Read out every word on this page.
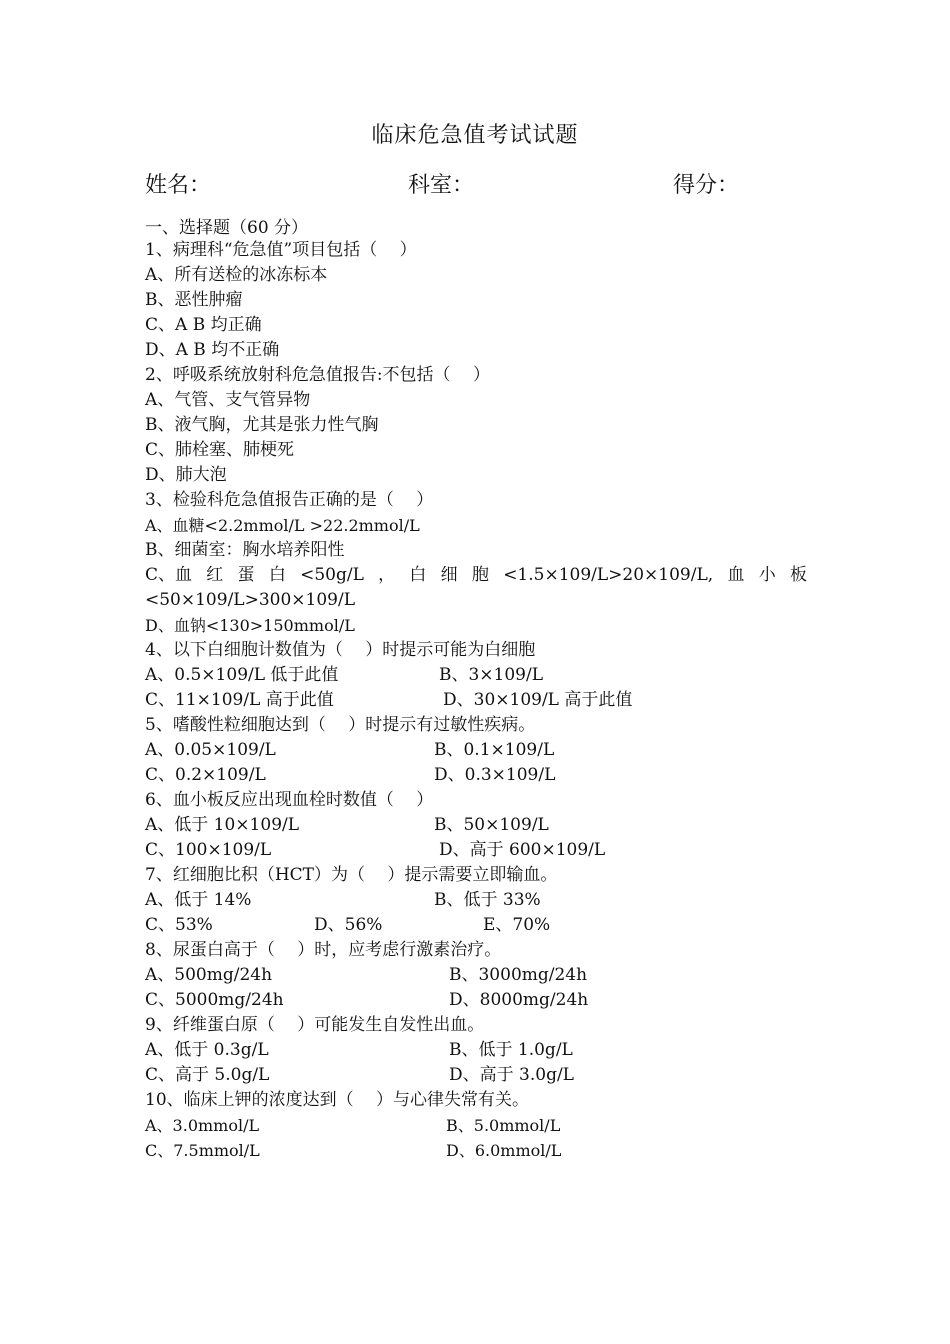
临床危急值考试试题
姓名：	科室：	得分：
一、选择题（60 分）
1、病理科“危急值”项目包括（　 ）
A、所有送检的冰冻标本
B、恶性肿瘤
C、A B 均正确
D、A B 均不正确
2、呼吸系统放射科危急值报告:不包括（　 ）
A、气管、支气管异物
B、液气胸，尤其是张力性气胸
C、肺栓塞、肺梗死
D、肺大泡
3、检验科危急值报告正确的是（　 ）
A、血糖<2.2mmol/L >22.2mmol/L
B、细菌室：胸水培养阳性
C、血 红 蛋 白 <50g/L ， 白 细 胞 <1.5×109/L>20×109/L, 血 小 板
<50×109/L>300×109/L
D、血钠<130>150mmol/L
4、以下白细胞计数值为（　 ）时提示可能为白细胞
A、0.5×109/L 低于此值	B、3×109/L
C、11×109/L 高于此值	D、30×109/L 高于此值
5、嗜酸性粒细胞达到（　 ）时提示有过敏性疾病。
A、0.05×109/L	B、0.1×109/L
C、0.2×109/L	D、0.3×109/L
6、血小板反应出现血栓时数值（　 ）
A、低于 10×109/L	B、50×109/L
C、100×109/L	D、高于 600×109/L
7、红细胞比积（HCT）为（　 ）提示需要立即输血。
A、低于 14%	B、低于 33%
C、53%	D、56%	E、70%
8、尿蛋白高于（　 ）时，应考虑行激素治疗。
A、500mg/24h	B、3000mg/24h
C、5000mg/24h	D、8000mg/24h
9、纤维蛋白原（　 ）可能发生自发性出血。
A、低于 0.3g/L	B、低于 1.0g/L
C、高于 5.0g/L	D、高于 3.0g/L
10、临床上钾的浓度达到（　 ）与心律失常有关。
A、3.0mmol/L	B、5.0mmol/L
C、7.5mmol/L	D、6.0mmol/L
